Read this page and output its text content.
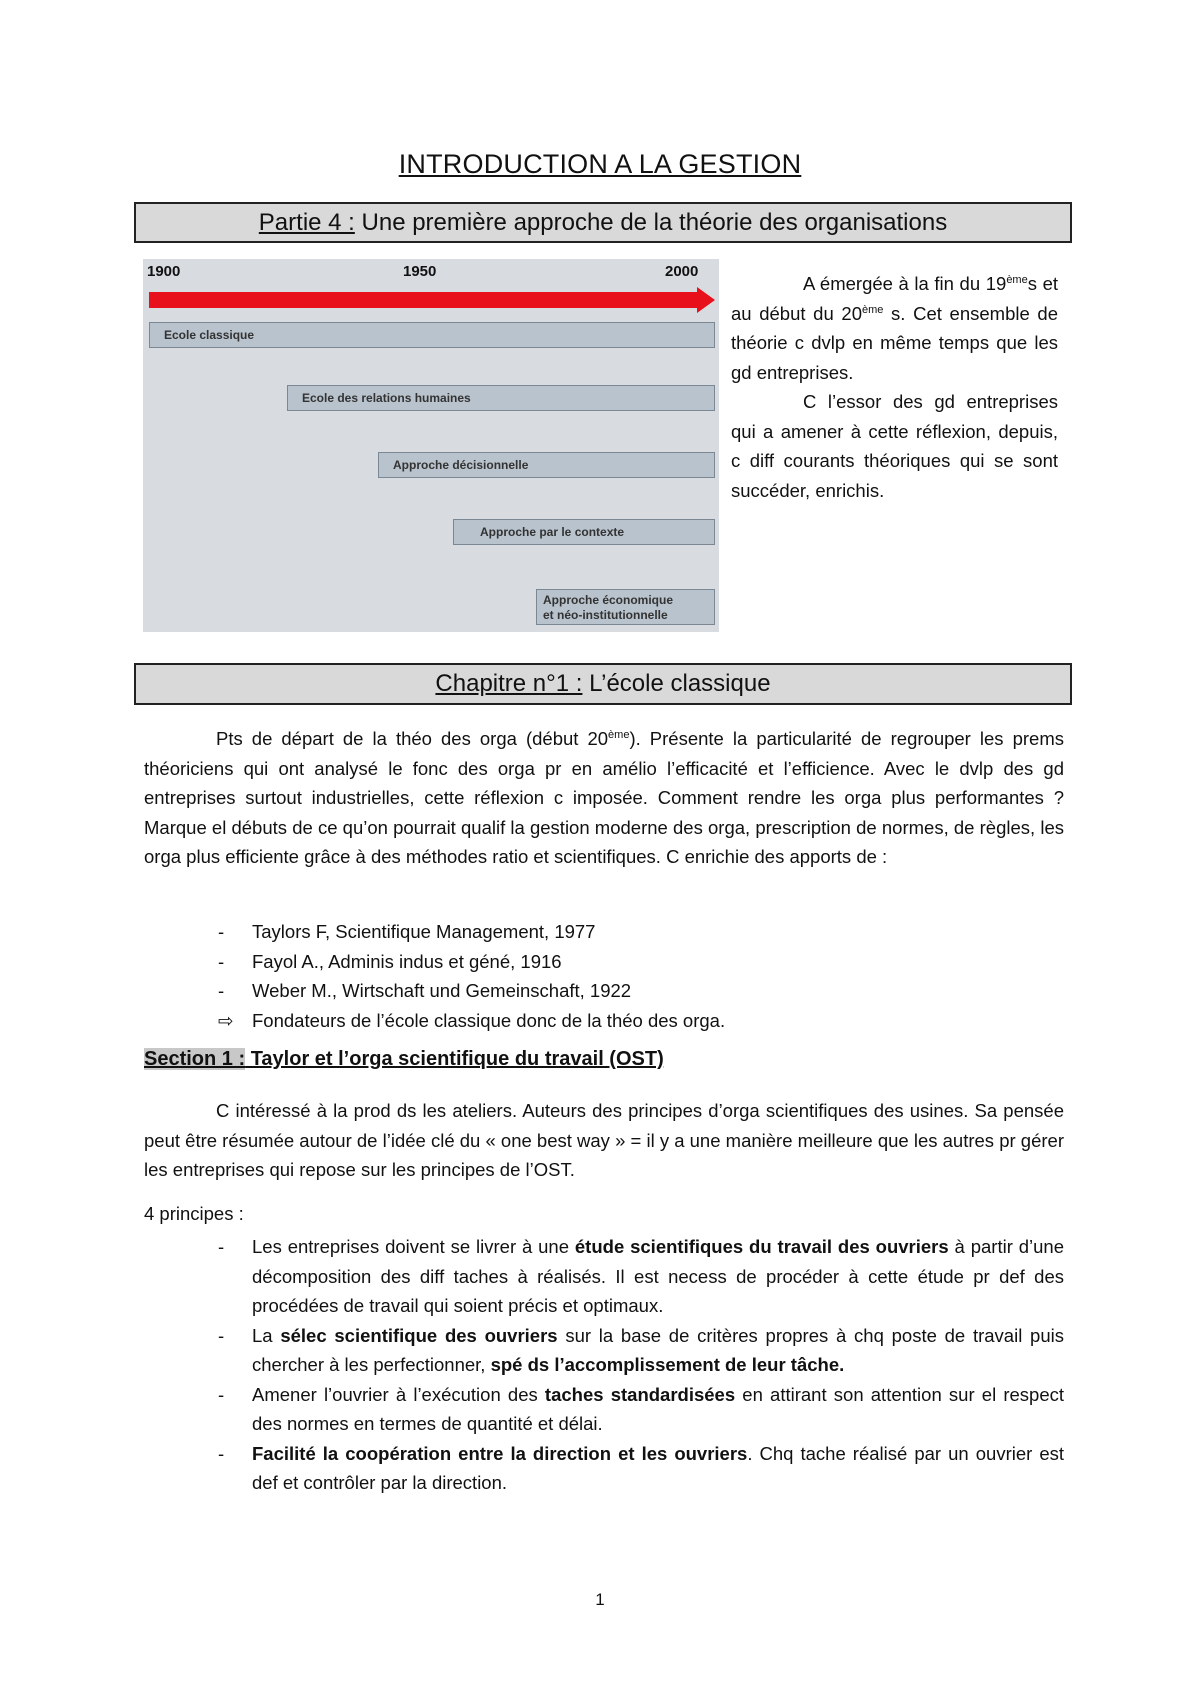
INTRODUCTION A LA GESTION
Partie 4 : Une première approche de la théorie des organisations
1900	1950	2000
Ecole classique
Ecole des relations humaines
Approche décisionnelle
Approche par le contexte
Approche économique
et néo-institutionnelle

A émergée à la fin du 19èmes et au début du 20ème s. Cet ensemble de théorie c dvlp en même temps que les gd entreprises.

C l’essor des gd entreprises qui a amener à cette réflexion, depuis, c diff courants théoriques qui se sont succéder, enrichis.

Chapitre n°1 : L’école classique

Pts de départ de la théo des orga (début 20ème). Présente la particularité de regrouper les prems théoriciens qui ont analysé le fonc des orga pr en amélio l’efficacité et l’efficience. Avec le dvlp des gd entreprises surtout industrielles, cette réflexion c imposée. Comment rendre les orga plus performantes ? Marque el débuts de ce qu’on pourrait qualif la gestion moderne des orga, prescription de normes, de règles, les orga plus efficiente grâce à des méthodes ratio et scientifiques. C enrichie des apports de :

- Taylors F, Scientifique Management, 1977
- Fayol A., Adminis indus et géné, 1916
- Weber M., Wirtschaft und Gemeinschaft, 1922
⇨ Fondateurs de l’école classique donc de la théo des orga.
Section 1 : Taylor et l’orga scientifique du travail (OST)

C intéressé à la prod ds les ateliers. Auteurs des principes d’orga scientifiques des usines. Sa pensée peut être résumée autour de l’idée clé du « one best way » = il y a une manière meilleure que les autres pr gérer les entreprises qui repose sur les principes de l’OST.

4 principes :
- Les entreprises doivent se livrer à une étude scientifiques du travail des ouvriers à partir d’une décomposition des diff taches à réalisés. Il est necess de procéder à cette étude pr def des procédées de travail qui soient précis et optimaux.
- La sélec scientifique des ouvriers sur la base de critères propres à chq poste de travail puis chercher à les perfectionner, spé ds l’accomplissement de leur tâche.
- Amener l’ouvrier à l’exécution des taches standardisées en attirant son attention sur el respect des normes en termes de quantité et délai.
- Facilité la coopération entre la direction et les ouvriers. Chq tache réalisé par un ouvrier est def et contrôler par la direction.
1
